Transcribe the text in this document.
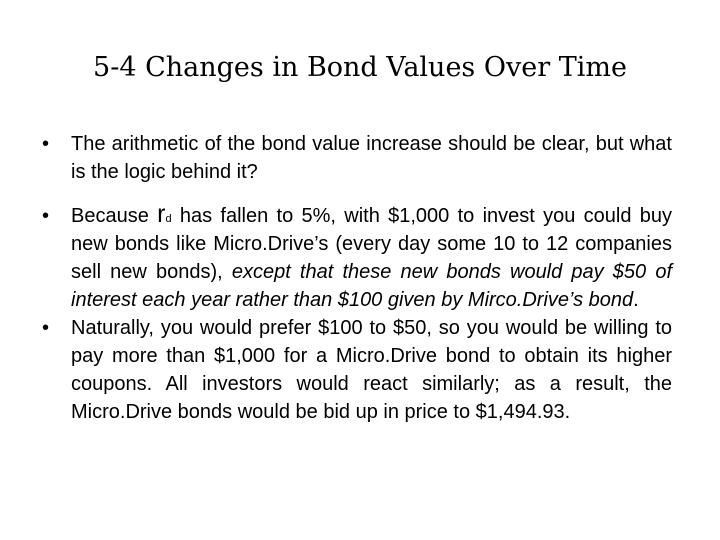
5-4 Changes in Bond Values Over Time
• The arithmetic of the bond value increase should be clear, but what is the logic behind it?
• Because rd has fallen to 5%, with $1,000 to invest you could buy new bonds like Micro.Drive’s (every day some 10 to 12 companies sell new bonds), except that these new bonds would pay $50 of interest each year rather than $100 given by Mirco.Drive’s bond.
• Naturally, you would prefer $100 to $50, so you would be willing to pay more than $1,000 for a Micro.Drive bond to obtain its higher coupons. All investors would react similarly; as a result, the Micro.Drive bonds would be bid up in price to $1,494.93.
